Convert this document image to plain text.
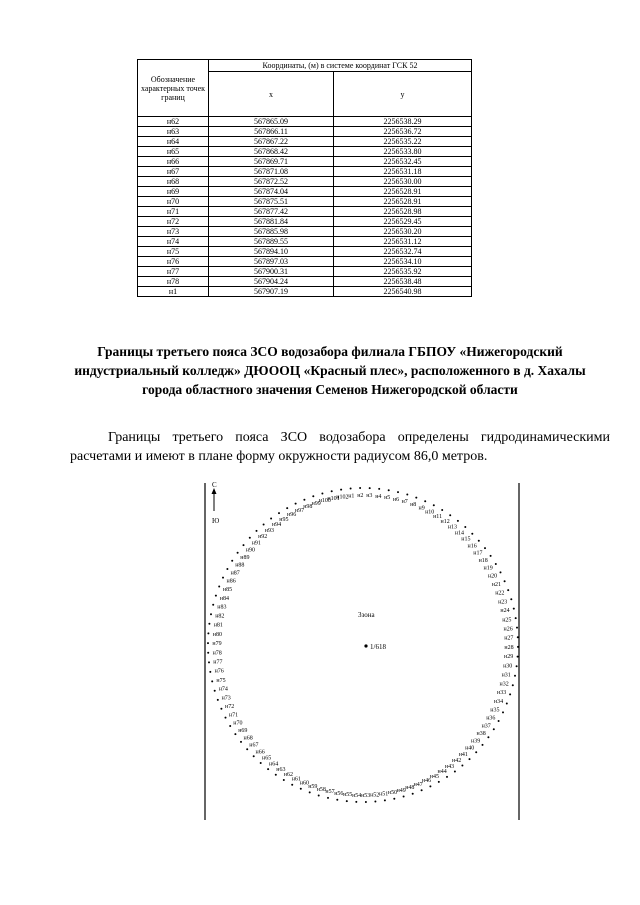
Обозначение характерных точек границ	Координаты, (м) в системе координат ГСК 52	
	x	y
н62	567865.09	2256538.29
н63	567866.11	2256536.72
н64	567867.22	2256535.22
н65	567868.42	2256533.80
н66	567869.71	2256532.45
н67	567871.08	2256531.18
н68	567872.52	2256530.00
н69	567874.04	2256528.91
н70	567875.51	2256528.91
н71	567877.42	2256528.98
н72	567881.84	2256529.45
н73	567885.98	2256530.20
н74	567889.55	2256531.12
н75	567894.10	2256532.74
н76	567897.03	2256534.10
н77	567900.31	2256535.92
н78	567904.24	2256538.48
н1	567907.19	2256540.98
Границы третьего пояса ЗСО водозабора филиала ГБПОУ «Нижегородский индустриальный колледж» ДЮООЦ «Красный плес», расположенного в д. Хахалы города областного значения Семенов Нижегородской области
Границы третьего пояса ЗСО водозабора определены гидродинамическими расчетами и имеют в плане форму окружности радиусом 86,0 метров.
С
Ю
н1 н2 н3 н4 н5 н6 н7 н8
н9
н10
н11
н12
н13
н14
н15
н16
н17
н18
н19
н20
н21
н22
н23
н24
н25
н26
н27
н28
н29
н30
н31
н32
н33
н34
н35
н36
н37
н38
н39
н40
н41
н42
н43
н44
н45
н46
н47
н48
н49
н50
н51
н52
н53
н54
н55
н56
н57
н58
н59
н60
н61
н62
н63
н64
н65
н66
н67
н68
н69
н70
н71
н72
н73
н74
н75
н76
н77
н78
н79
н80
н81
н82
н83
н84
н85
н86
н87
н88
н89
н90
н91
н92
н93
н94
н95
н96
н97
н98
н99
н100
н101
н102
3зона
1/618
